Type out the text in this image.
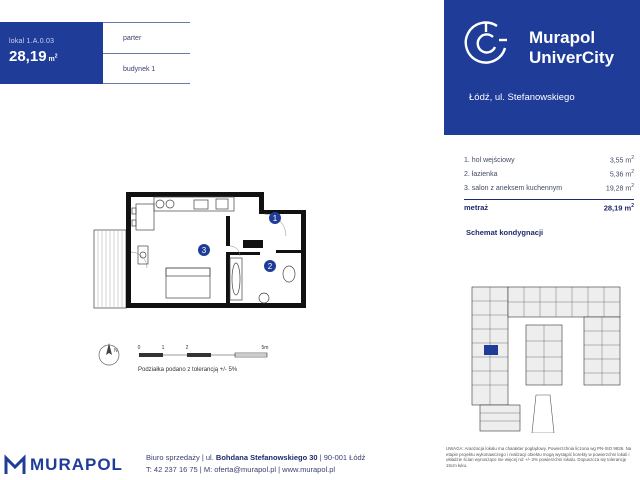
lokal 1.A.0.03
28,19 $m^2$
parter
budynek 1
Murapol
UniverCity
Łódź, ul. Stefanowskiego
1. hol wejściowy	3,55 $m^2$
2. łazienka	5,36 $m^2$
3. salon z aneksem kuchennym	19,28 $m^2$
metraż	28,19 $m^2$
Schemat kondygnacji
1
2
3
N	0	1	2	5m
Podziałka podano z tolerancją +/- 5%
UWAGA: Aranżacja lokalu ma charakter poglądowy. Powierzchnia liczona wg PN-ISO 9836. Na etapie projektu wykonawczego i realizacji obiektu mogą wystąpić korekty w powierzchni lokali i układzie ścian wynoszące nie więcej niż +/- 3% powierzchni lokalu. Dopuszcza się tolerancję 15cm łuku.
MURAPOL	Biuro sprzedaży | ul. Bohdana Stefanowskiego 30 | 90-001 Łódź
T: 42 237 16 75 | M: oferta@murapol.pl | www.murapol.pl
